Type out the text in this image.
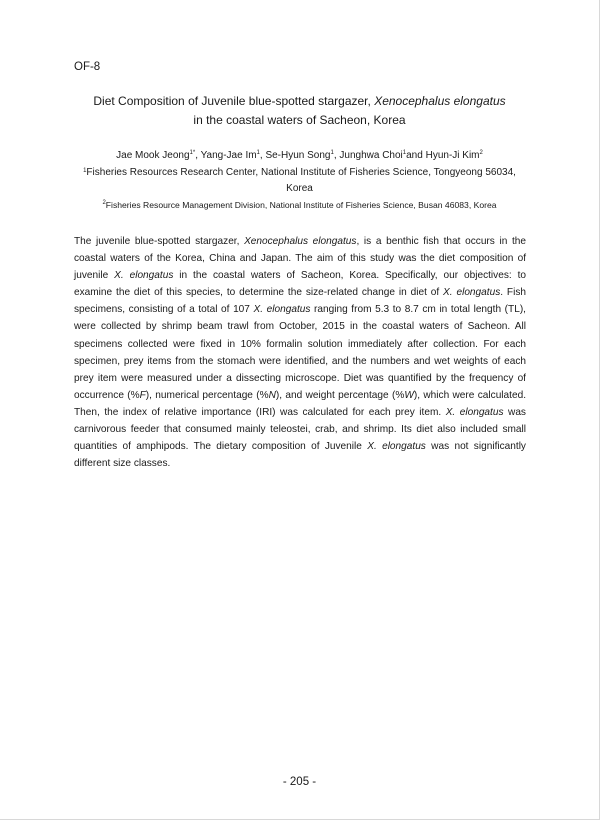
OF-8

Diet Composition of Juvenile blue-spotted stargazer, Xenocephalus elongatus
in the coastal waters of Sacheon, Korea

Jae Mook Jeong$^{1*}$, Yang-Jae Im$^1$, Se-Hyun Song$^1$, Junghwa Choi$^1$and Hyun-Ji Kim$^2$

$^1$Fisheries Resources Research Center, National Institute of Fisheries Science, Tongyeong 56034,
Korea

$^2$Fisheries Resource Management Division, National Institute of Fisheries Science, Busan 46083, Korea

The juvenile blue-spotted stargazer, Xenocephalus elongatus, is a benthic fish that occurs in the coastal waters of the Korea, China and Japan. The aim of this study was the diet composition of juvenile X. elongatus in the coastal waters of Sacheon, Korea. Specifically, our objectives: to examine the diet of this species, to determine the size-related change in diet of X. elongatus. Fish specimens, consisting of a total of 107 X. elongatus ranging from 5.3 to 8.7 cm in total length (TL), were collected by shrimp beam trawl from October, 2015 in the coastal waters of Sacheon. All specimens collected were fixed in 10% formalin solution immediately after collection. For each specimen, prey items from the stomach were identified, and the numbers and wet weights of each prey item were measured under a dissecting microscope. Diet was quantified by the frequency of occurrence (%F), numerical percentage (%N), and weight percentage (%W), which were calculated. Then, the index of relative importance (IRI) was calculated for each prey item. X. elongatus was carnivorous feeder that consumed mainly teleostei, crab, and shrimp. Its diet also included small quantities of amphipods. The dietary composition of Juvenile X. elongatus was not significantly different size classes.

- 205 -
